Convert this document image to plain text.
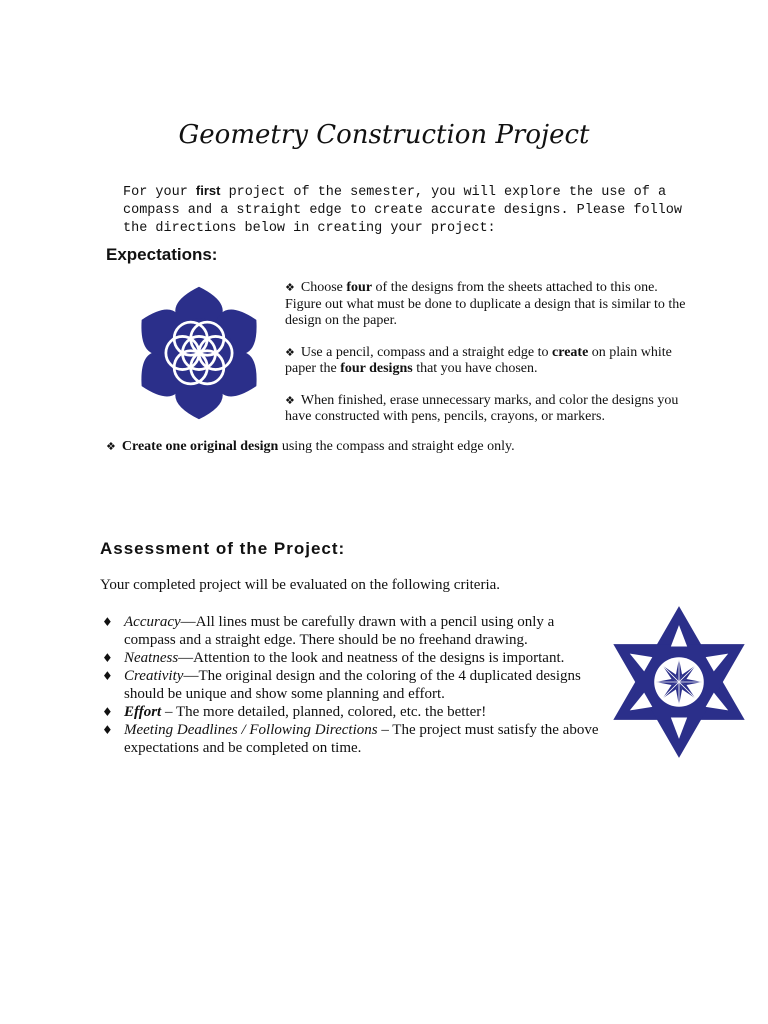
Geometry Construction Project
For your first project of the semester, you will explore the use of a compass and a straight edge to create accurate designs. Please follow the directions below in creating your project:
Expectations:
❖ Choose four of the designs from the sheets attached to this one. Figure out what must be done to duplicate a design that is similar to the design on the paper.
❖ Use a pencil, compass and a straight edge to create on plain white paper the four designs that you have chosen.
❖ When finished, erase unnecessary marks, and color the designs you have constructed with pens, pencils, crayons, or markers.
❖ Create one original design using the compass and straight edge only.
Assessment of the Project:
Your completed project will be evaluated on the following criteria.
♦ Accuracy—All lines must be carefully drawn with a pencil using only a compass and a straight edge. There should be no freehand drawing.
♦ Neatness—Attention to the look and neatness of the designs is important.
♦ Creativity—The original design and the coloring of the 4 duplicated designs should be unique and show some planning and effort.
♦ Effort – The more detailed, planned, colored, etc. the better!
♦ Meeting Deadlines / Following Directions – The project must satisfy the above expectations and be completed on time.
